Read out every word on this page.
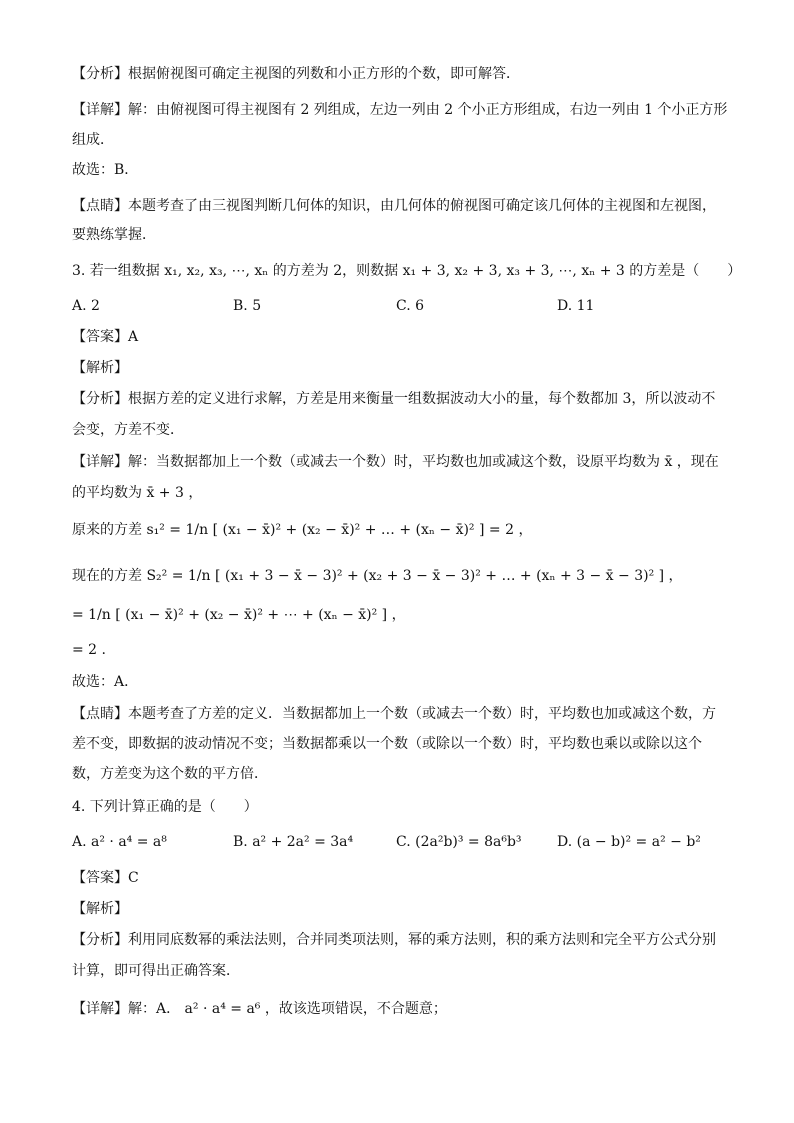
【分析】根据俯视图可确定主视图的列数和小正方形的个数，即可解答．
【详解】解：由俯视图可得主视图有 2 列组成，左边一列由 2 个小正方形组成，右边一列由 1 个小正方形
组成．
故选：B．
【点睛】本题考查了由三视图判断几何体的知识，由几何体的俯视图可确定该几何体的主视图和左视图，
要熟练掌握．
3. 若一组数据 x₁, x₂, x₃, ⋯, xₙ 的方差为 2，则数据 x₁ + 3, x₂ + 3, x₃ + 3, ⋯, xₙ + 3 的方差是（　　）
A. 2	B. 5	C. 6	D. 11
【答案】A
【解析】
【分析】根据方差的定义进行求解，方差是用来衡量一组数据波动大小的量，每个数都加 3，所以波动不
会变，方差不变．
【详解】解：当数据都加上一个数（或减去一个数）时，平均数也加或减这个数，设原平均数为 x̄ ，现在
的平均数为 x̄ + 3 ，
原来的方差 s₁² = 1/n [ (x₁ − x̄)² + (x₂ − x̄)² + … + (xₙ − x̄)² ] = 2 ，
现在的方差 S₂² = 1/n [ (x₁ + 3 − x̄ − 3)² + (x₂ + 3 − x̄ − 3)² + … + (xₙ + 3 − x̄ − 3)² ] ，
= 1/n [ (x₁ − x̄)² + (x₂ − x̄)² + ⋯ + (xₙ − x̄)² ] ，
= 2 .
故选：A．
【点睛】本题考查了方差的定义．当数据都加上一个数（或减去一个数）时，平均数也加或减这个数，方
差不变，即数据的波动情况不变；当数据都乘以一个数（或除以一个数）时，平均数也乘以或除以这个
数，方差变为这个数的平方倍．
4. 下列计算正确的是（　　）
A. a² · a⁴ = a⁸	B. a² + 2a² = 3a⁴	C. (2a²b)³ = 8a⁶b³	D. (a − b)² = a² − b²
【答案】C
【解析】
【分析】利用同底数幂的乘法法则，合并同类项法则，幂的乘方法则，积的乘方法则和完全平方公式分别
计算，即可得出正确答案．
【详解】解：A． a² · a⁴ = a⁶ ，故该选项错误，不合题意；
